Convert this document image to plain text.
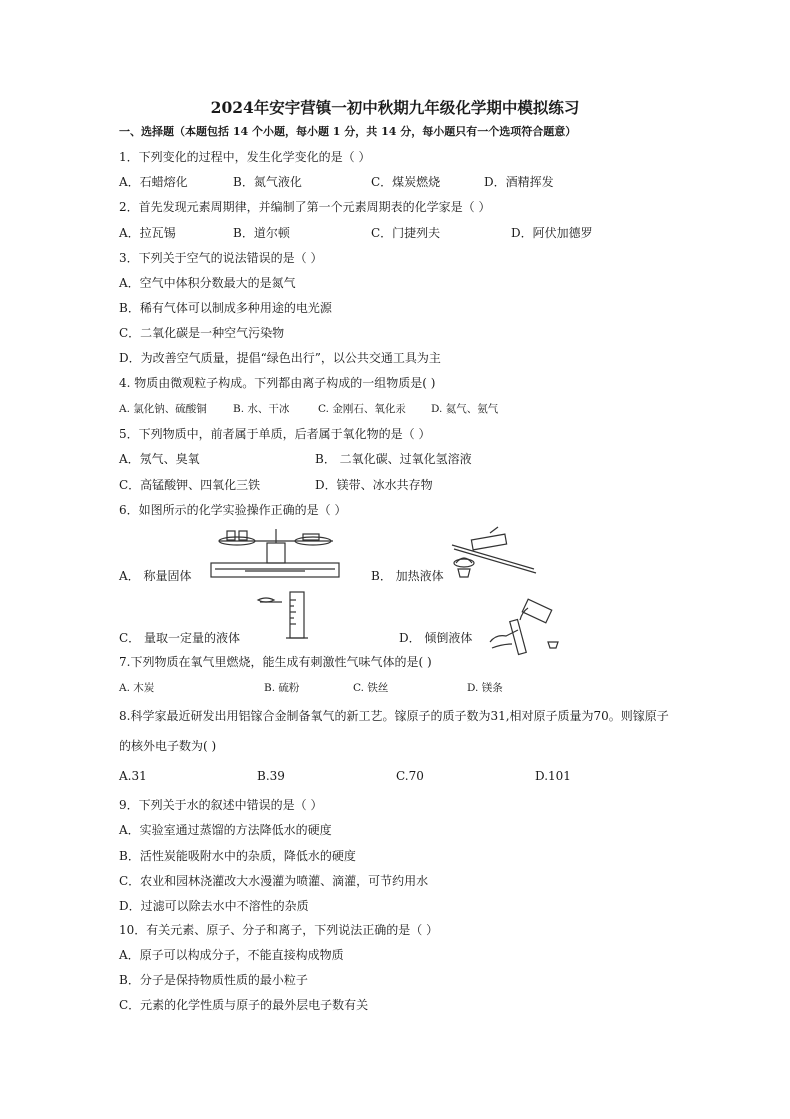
2024年安宇营镇一初中秋期九年级化学期中模拟练习
一、选择题（本题包括 14 个小题，每小题 1 分，共 14 分，每小题只有一个选项符合题意）
1．下列变化的过程中，发生化学变化的是（ ）
A．石蜡熔化	B．氮气液化	C．煤炭燃烧	D．酒精挥发
2．首先发现元素周期律，并编制了第一个元素周期表的化学家是（ ）
A．拉瓦锡	B．道尔顿	C．门捷列夫	D．阿伏加德罗
3．下列关于空气的说法错误的是（ ）
A．空气中体积分数最大的是氮气
B．稀有气体可以制成多种用途的电光源
C．二氧化碳是一种空气污染物
D．为改善空气质量，提倡“绿色出行”，以公共交通工具为主
4. 物质由微观粒子构成。下列都由离子构成的一组物质是( )
A. 氯化钠、硫酸铜 B. 水、干冰	C. 金刚石、氧化汞 D. 氦气、氨气
5．下列物质中，前者属于单质，后者属于氧化物的是（ ）
A．氖气、臭氧	B． 二氧化碳、过氧化氢溶液
C．高锰酸钾、四氧化三铁	D．镁带、冰水共存物
6．如图所示的化学实验操作正确的是（ ）
A． 称量固体	B． 加热液体
C． 量取一定量的液体	D． 倾倒液体
7.下列物质在氧气里燃烧，能生成有刺激性气味气体的是( )
A. 木炭	B. 硫粉	C. 铁丝	D. 镁条
8.科学家最近研发出用铝镓合金制备氧气的新工艺。镓原子的质子数为31,相对原子质量为70。则镓原子
的核外电子数为( )
A.31	B.39	C.70	D.101
9．下列关于水的叙述中错误的是（ ）
A．实验室通过蒸馏的方法降低水的硬度
B．活性炭能吸附水中的杂质，降低水的硬度
C．农业和园林浇灌改大水漫灌为喷灌、滴灌，可节约用水
D．过滤可以除去水中不溶性的杂质
10．有关元素、原子、分子和离子，下列说法正确的是（ ）
A．原子可以构成分子，不能直接构成物质
B．分子是保持物质性质的最小粒子
C．元素的化学性质与原子的最外层电子数有关
